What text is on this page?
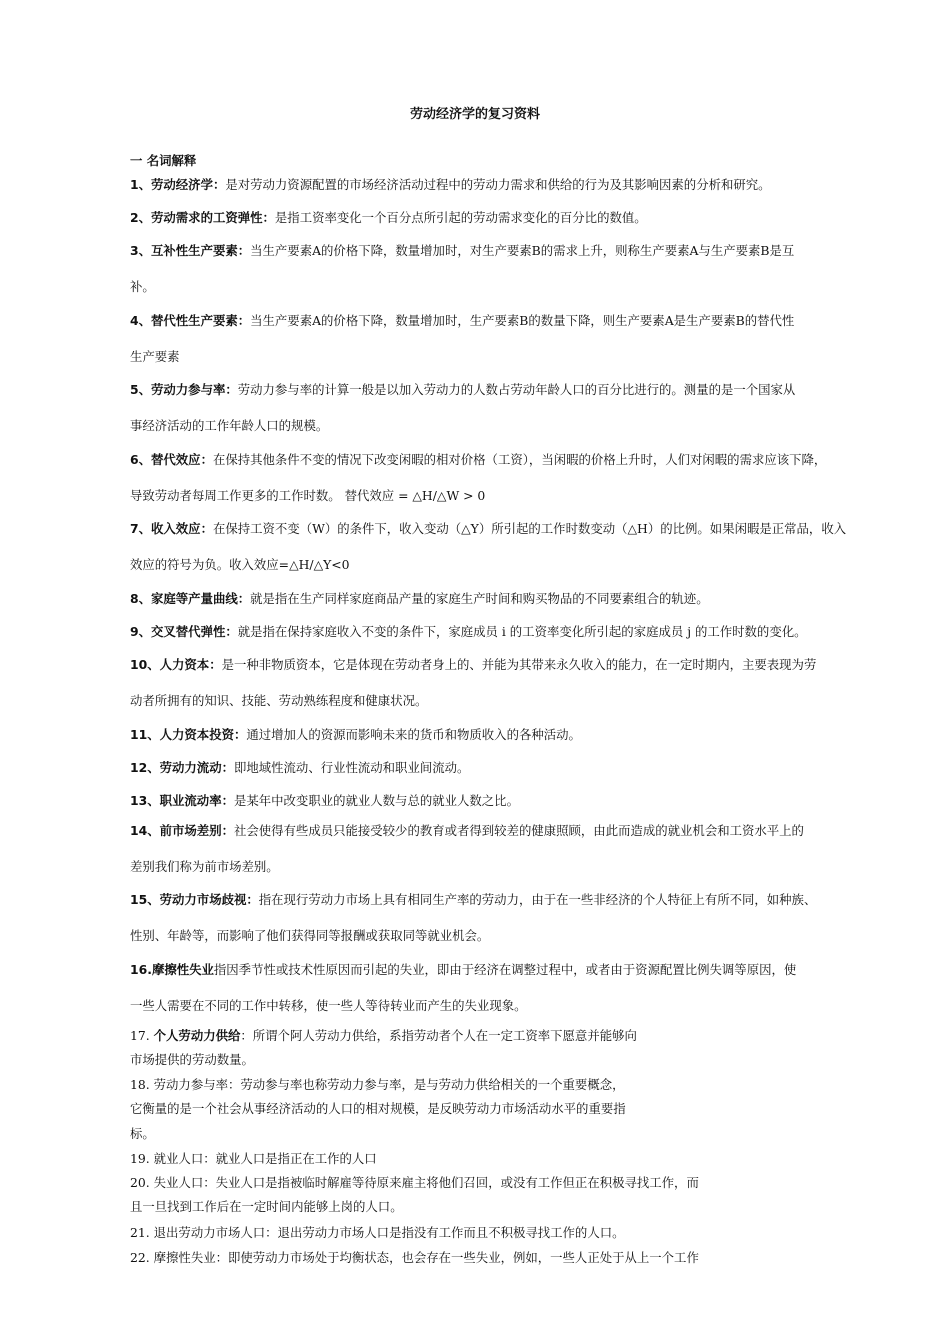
劳动经济学的复习资料
一 名词解释
1、劳动经济学：是对劳动力资源配置的市场经济活动过程中的劳动力需求和供给的行为及其影响因素的分析和研究。
2、劳动需求的工资弹性：是指工资率变化一个百分点所引起的劳动需求变化的百分比的数值。
3、互补性生产要素：当生产要素A的价格下降，数量增加时，对生产要素B的需求上升，则称生产要素A与生产要素B是互
补。
4、替代性生产要素：当生产要素A的价格下降，数量增加时，生产要素B的数量下降，则生产要素A是生产要素B的替代性
生产要素
5、劳动力参与率：劳动力参与率的计算一般是以加入劳动力的人数占劳动年龄人口的百分比进行的。测量的是一个国家从
事经济活动的工作年龄人口的规模。
6、替代效应：在保持其他条件不变的情况下改变闲暇的相对价格（工资），当闲暇的价格上升时，人们对闲暇的需求应该下降，
导致劳动者每周工作更多的工作时数。 替代效应 = △H/△W > 0
7、收入效应：在保持工资不变（W）的条件下，收入变动（△Y）所引起的工作时数变动（△H）的比例。如果闲暇是正常品，收入
效应的符号为负。收入效应=△H/△Y<0
8、家庭等产量曲线：就是指在生产同样家庭商品产量的家庭生产时间和购买物品的不同要素组合的轨迹。
9、交叉替代弹性：就是指在保持家庭收入不变的条件下，家庭成员 i 的工资率变化所引起的家庭成员 j 的工作时数的变化。
10、人力资本：是一种非物质资本，它是体现在劳动者身上的、并能为其带来永久收入的能力，在一定时期内，主要表现为劳
动者所拥有的知识、技能、劳动熟练程度和健康状况。
11、人力资本投资：通过增加人的资源而影响未来的货币和物质收入的各种活动。
12、劳动力流动：即地域性流动、行业性流动和职业间流动。
13、职业流动率：是某年中改变职业的就业人数与总的就业人数之比。
14、前市场差别：社会使得有些成员只能接受较少的教育或者得到较差的健康照顾，由此而造成的就业机会和工资水平上的
差别我们称为前市场差别。
15、劳动力市场歧视：指在现行劳动力市场上具有相同生产率的劳动力，由于在一些非经济的个人特征上有所不同，如种族、
性别、年龄等，而影响了他们获得同等报酬或获取同等就业机会。
16.摩擦性失业指因季节性或技术性原因而引起的失业，即由于经济在调整过程中，或者由于资源配置比例失调等原因，使
一些人需要在不同的工作中转移，使一些人等待转业而产生的失业现象。
17. 个人劳动力供给：所谓个阿人劳动力供给，系指劳动者个人在一定工资率下愿意并能够向
市场提供的劳动数量。
18. 劳动力参与率：劳动参与率也称劳动力参与率，是与劳动力供给相关的一个重要概念，
它衡量的是一个社会从事经济活动的人口的相对规模，是反映劳动力市场活动水平的重要指
标。
19. 就业人口：就业人口是指正在工作的人口
20. 失业人口：失业人口是指被临时解雇等待原来雇主将他们召回，或没有工作但正在积极寻找工作，而
且一旦找到工作后在一定时间内能够上岗的人口。
21. 退出劳动力市场人口：退出劳动力市场人口是指没有工作而且不积极寻找工作的人口。
22. 摩擦性失业：即使劳动力市场处于均衡状态，也会存在一些失业，例如，一些人正处于从上一个工作
